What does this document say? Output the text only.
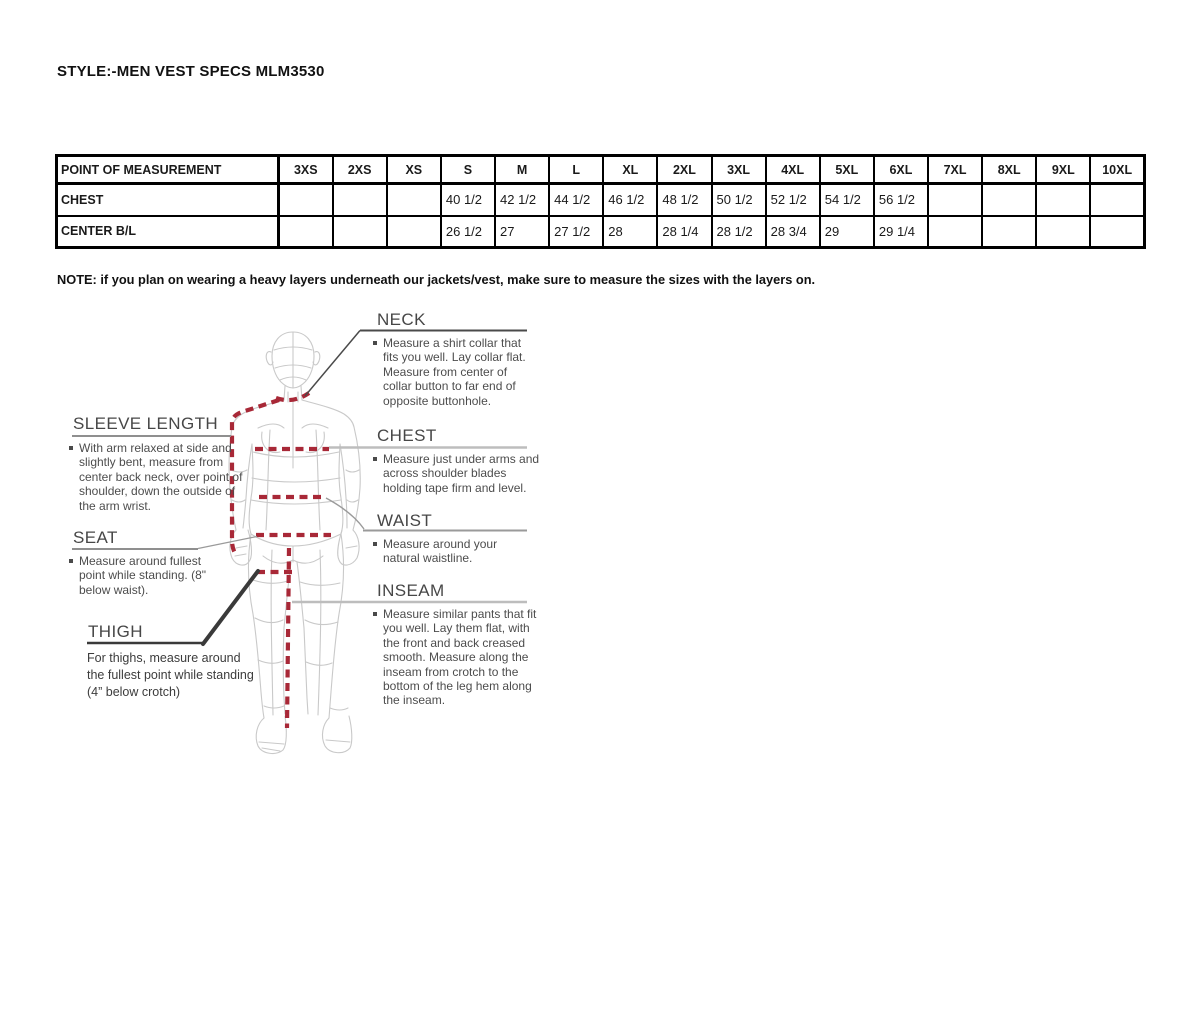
STYLE:-MEN VEST SPECS MLM3530
POINT OF MEASUREMENT	3XS	2XS	XS	S	M	L	XL	2XL	3XL	4XL	5XL	6XL	7XL	8XL	9XL	10XL
CHEST				40 1/2	42 1/2	44 1/2	46 1/2	48 1/2	50 1/2	52 1/2	54 1/2	56 1/2				
CENTER B/L				26 1/2	27	27 1/2	28	28 1/4	28 1/2	28 3/4	29	29 1/4				
NOTE: if you plan on wearing a heavy layers underneath our jackets/vest, make sure to measure the sizes with the layers on.
NECK
Measure a shirt collar that fits you well. Lay collar flat. Measure from center of collar button to far end of opposite buttonhole.
SLEEVE LENGTH
With arm relaxed at side and slightly bent, measure from center back neck, over point of shoulder, down the outside of the arm wrist.
CHEST
Measure just under arms and across shoulder blades holding tape firm and level.
WAIST
Measure around your natural waistline.
SEAT
Measure around fullest point while standing. (8" below waist).
THIGH
For thighs, measure around the fullest point while standing (4” below crotch)
INSEAM
Measure similar pants that fit you well. Lay them flat, with the front and back creased smooth. Measure along the inseam from crotch to the bottom of the leg hem along the inseam.
